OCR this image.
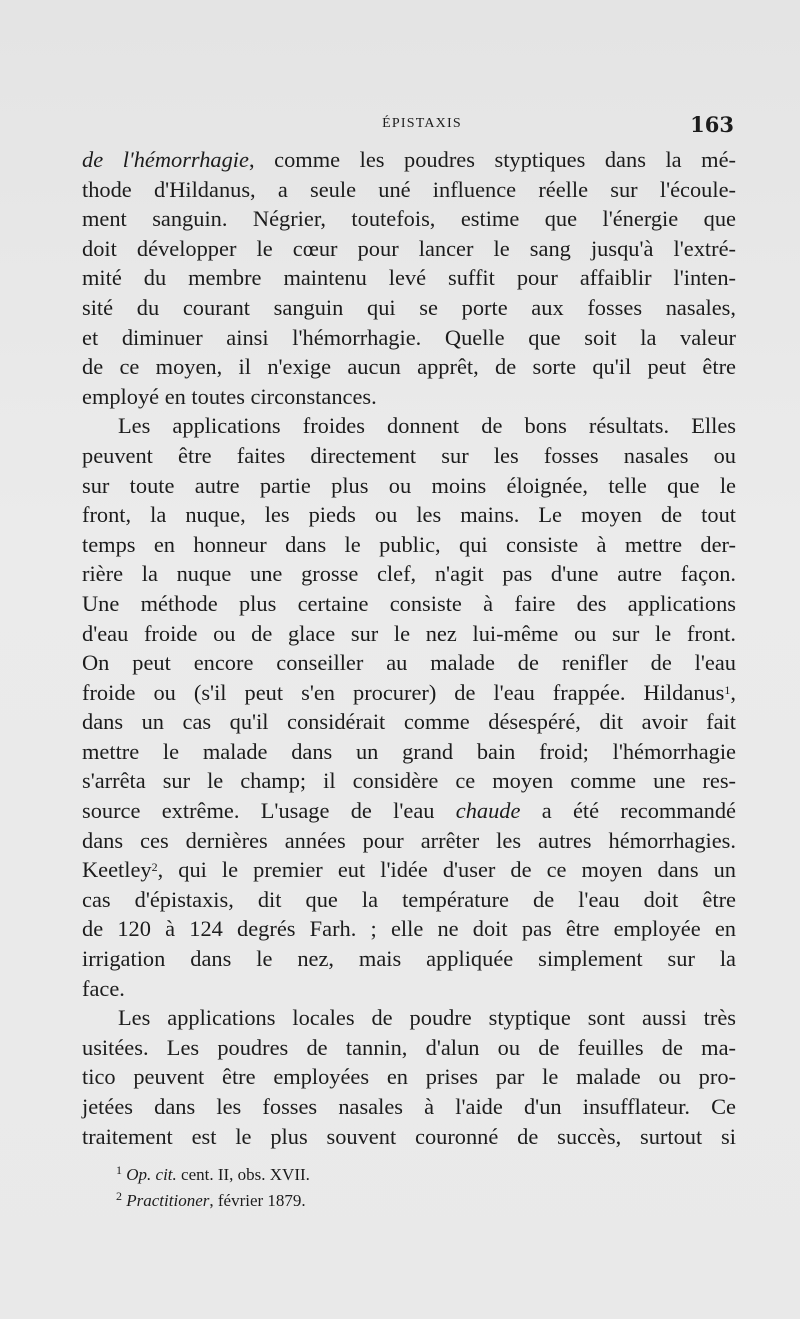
ÉPISTAXIS	163
de l'hémorrhagie, comme les poudres styptiques dans la mé-
thode d'Hildanus, a seule uné influence réelle sur l'écoule-
ment sanguin. Négrier, toutefois, estime que l'énergie que
doit développer le cœur pour lancer le sang jusqu'à l'extré-
mité du membre maintenu levé suffit pour affaiblir l'inten-
sité du courant sanguin qui se porte aux fosses nasales,
et diminuer ainsi l'hémorrhagie. Quelle que soit la valeur
de ce moyen, il n'exige aucun apprêt, de sorte qu'il peut être
employé en toutes circonstances.
Les applications froides donnent de bons résultats. Elles
peuvent être faites directement sur les fosses nasales ou
sur toute autre partie plus ou moins éloignée, telle que le
front, la nuque, les pieds ou les mains. Le moyen de tout
temps en honneur dans le public, qui consiste à mettre der-
rière la nuque une grosse clef, n'agit pas d'une autre façon.
Une méthode plus certaine consiste à faire des applications
d'eau froide ou de glace sur le nez lui-même ou sur le front.
On peut encore conseiller au malade de renifler de l'eau
froide ou (s'il peut s'en procurer) de l'eau frappée. Hildanus$^1$,
dans un cas qu'il considérait comme désespéré, dit avoir fait
mettre le malade dans un grand bain froid; l'hémorrhagie
s'arrêta sur le champ; il considère ce moyen comme une res-
source extrême. L'usage de l'eau chaude a été recommandé
dans ces dernières années pour arrêter les autres hémorrhagies.
Keetley$^2$, qui le premier eut l'idée d'user de ce moyen dans un
cas d'épistaxis, dit que la température de l'eau doit être
de 120 à 124 degrés Farh. ; elle ne doit pas être employée en
irrigation dans le nez, mais appliquée simplement sur la
face.
Les applications locales de poudre styptique sont aussi très
usitées. Les poudres de tannin, d'alun ou de feuilles de ma-
tico peuvent être employées en prises par le malade ou pro-
jetées dans les fosses nasales à l'aide d'un insufflateur. Ce
traitement est le plus souvent couronné de succès, surtout si
$^1$ Op. cit. cent. II, obs. XVII.
$^2$ Practitioner, février 1879.
